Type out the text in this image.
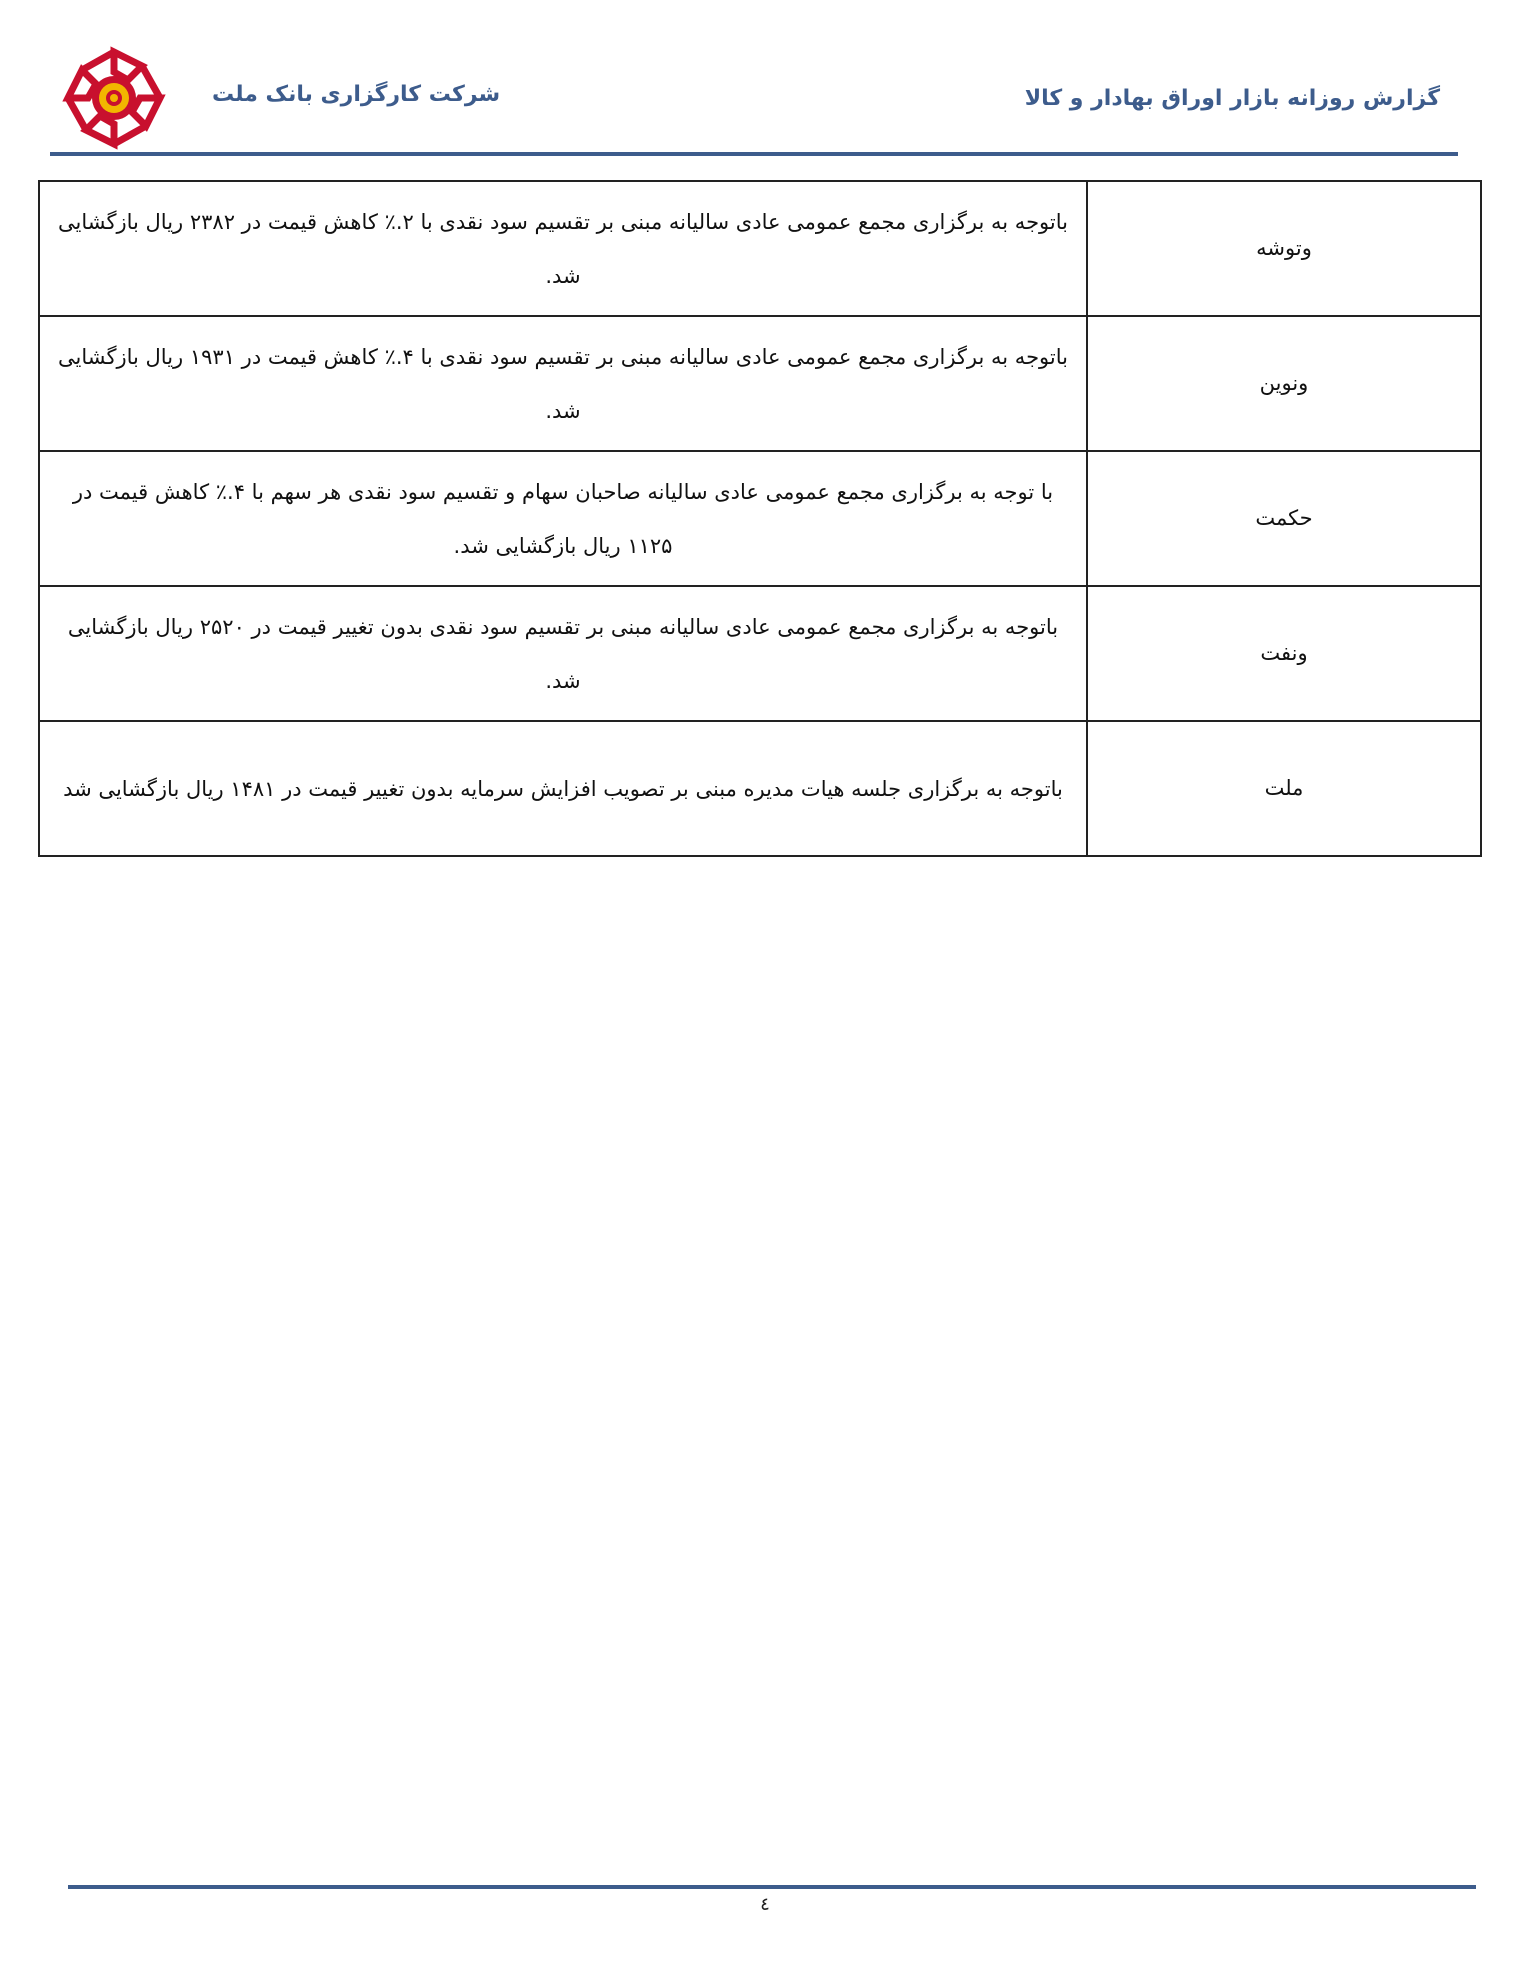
گزارش روزانه بازار اوراق بهادار و کالا
شرکت کارگزاری بانک ملت
وتوشه	باتوجه به برگزاری مجمع عمومی عادی سالیانه مبنی بر تقسیم سود نقدی با ۲.٪ کاهش قیمت در ۲۳۸۲ ریال بازگشایی شد.
ونوین	باتوجه به برگزاری مجمع عمومی عادی سالیانه مبنی بر تقسیم سود نقدی با ۴.٪ کاهش قیمت در ۱۹۳۱ ریال بازگشایی شد.
حکمت	با توجه به برگزاری مجمع عمومی عادی سالیانه صاحبان سهام و تقسیم سود نقدی هر سهم با ۴.٪ کاهش قیمت در ۱۱۲۵ ریال بازگشایی شد.
ونفت	باتوجه به برگزاری مجمع عمومی عادی سالیانه مبنی بر تقسیم سود نقدی بدون تغییر قیمت در ۲۵۲۰ ریال بازگشایی شد.
ملت	باتوجه به برگزاری جلسه هیات مدیره مبنی بر تصویب افزایش سرمایه بدون تغییر قیمت در ۱۴۸۱ ریال بازگشایی شد
٤
